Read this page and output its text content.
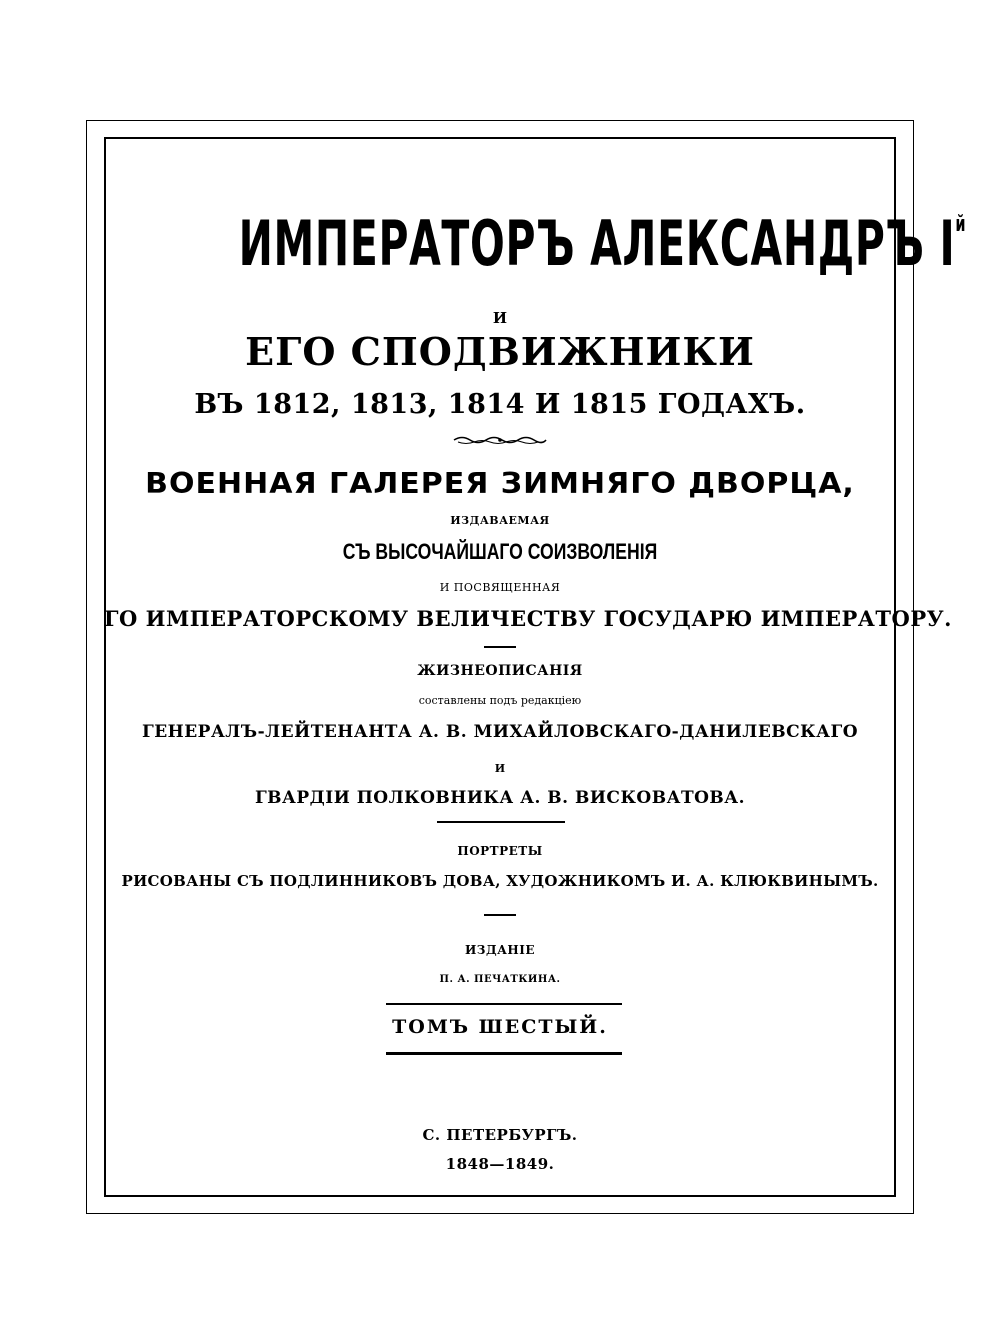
ИМПЕРАТОРЪ АЛЕКСАНДРЪ $I^й$
И
ЕГО СПОДВИЖНИКИ
ВЪ 1812, 1813, 1814 И 1815 ГОДАХЪ.
ВОЕННАЯ ГАЛЕРЕЯ ЗИМНЯГО ДВОРЦА,
ИЗДАВАЕМАЯ
СЪ ВЫСОЧАЙШАГО СОИЗВОЛЕНІЯ
И ПОСВЯЩЕННАЯ
ГО ИМПЕРАТОРСКОМУ ВЕЛИЧЕСТВУ ГОСУДАРЮ ИМПЕРАТОРУ.
ЖИЗНЕОПИСАНІЯ
составлены подъ редакціею
ГЕНЕРАЛЪ-ЛЕЙТЕНАНТА А. В. МИХАЙЛОВСКАГО-ДАНИЛЕВСКАГО
И
ГВАРДІИ ПОЛКОВНИКА А. В. ВИСКОВАТОВА.
ПОРТРЕТЫ
РИСОВАНЫ СЪ ПОДЛИННИКОВЪ ДОВА, ХУДОЖНИКОМЪ И. А. КЛЮКВИНЫМЪ.
ИЗДАНІЕ
П. А. ПЕЧАТКИНА.
ТОМЪ ШЕСТЫЙ.
С. ПЕТЕРБУРГЪ.
1848—1849.
